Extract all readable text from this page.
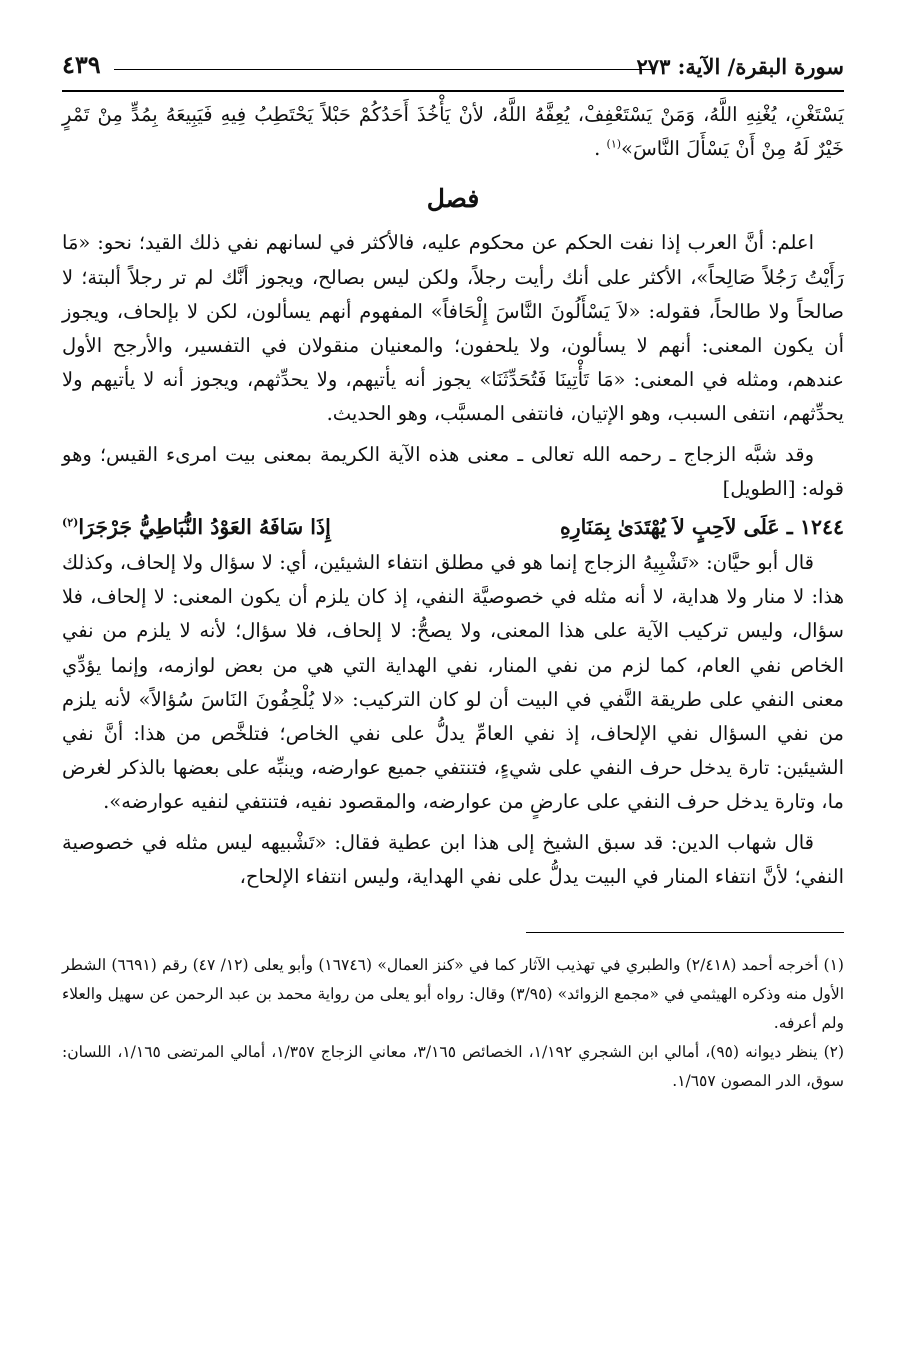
سورة البقرة/ الآية: ٢٧٣
٤٣٩

يَسْتَغْنِ، يُغْنِهِ اللَّهُ، وَمَنْ يَسْتَعْفِفْ، يُعِفَّهُ اللَّهُ، لأنْ يَأْخُذَ أَحَدُكُمْ حَبْلاً يَحْتَطِبُ فِيهِ فَيَبِيعَهُ بِمُدٍّ مِنْ تَمْرٍ خَيْرٌ لَهُ مِنْ أَنْ يَسْأَلَ النَّاسَ»$^{(١)}$ .

فصل

اعلم: أنَّ العرب إذا نفت الحكم عن محكوم عليه، فالأكثر في لسانهم نفي ذلك القيد؛ نحو: «مَا رَأَيْتُ رَجُلاً صَالِحاً»، الأكثر على أنك رأيت رجلاً، ولكن ليس بصالح، ويجوز أنَّك لم تر رجلاً ألبتة؛ لا صالحاً ولا طالحاً، فقوله: «لاَ يَسْأَلُونَ النَّاسَ إِلْحَافاً» المفهوم أنهم يسألون، لكن لا بإلحاف، ويجوز أن يكون المعنى: أنهم لا يسألون، ولا يلحفون؛ والمعنيان منقولان في التفسير، والأرجح الأول عندهم، ومثله في المعنى: «مَا تَأْتِينَا فَتُحَدِّثَنَا» يجوز أنه يأتيهم، ولا يحدِّثهم، ويجوز أنه لا يأتيهم ولا يحدِّثهم، انتفى السبب، وهو الإتيان، فانتفى المسبَّب، وهو الحديث.

وقد شبَّه الزجاج ـ رحمه الله تعالى ـ معنى هذه الآية الكريمة بمعنى بيت امرىء القيس؛ وهو قوله: [الطويل]

١٢٤٤ ـ عَلَى لاَحِبٍ لاَ يُهْتَدَىٰ بِمَنَارِهِ
إِذَا سَافَهُ العَوْدُ النُّبَاطِيُّ جَرْجَرَا$^{(٢)}$

قال أبو حيَّان: «تَشْبِيهُ الزجاج إنما هو في مطلق انتفاء الشيئين، أي: لا سؤال ولا إلحاف، وكذلك هذا: لا منار ولا هداية، لا أنه مثله في خصوصيَّة النفي، إذ كان يلزم أن يكون المعنى: لا إلحاف، فلا سؤال، وليس تركيب الآية على هذا المعنى، ولا يصحُّ: لا إلحاف، فلا سؤال؛ لأنه لا يلزم من نفي الخاص نفي العام، كما لزم من نفي المنار، نفي الهداية التي هي من بعض لوازمه، وإنما يؤدِّي معنى النفي على طريقة النَّفي في البيت أن لو كان التركيب: «لا يُلْحِفُونَ النَاسَ سُؤالاً» لأنه يلزم من نفي السؤال نفي الإلحاف، إذ نفي العامِّ يدلُّ على نفي الخاص؛ فتلخَّص من هذا: أنَّ نفي الشيئين: تارة يدخل حرف النفي على شيءٍ، فتنتفي جميع عوارضه، وينبِّه على بعضها بالذكر لغرض ما، وتارة يدخل حرف النفي على عارضٍ من عوارضه، والمقصود نفيه، فتنتفي لنفيه عوارضه».

قال شهاب الدين: قد سبق الشيخ إلى هذا ابن عطية فقال: «تَشْبيهه ليس مثله في خصوصية النفي؛ لأنَّ انتفاء المنار في البيت يدلُّ على نفي الهداية، وليس انتفاء الإلحاح،

(١) أخرجه أحمد (٢/٤١٨) والطبري في تهذيب الآثار كما في «كنز العمال» (١٦٧٤٦) وأبو يعلى (١٢/ ٤٧) رقم (٦٦٩١) الشطر الأول منه وذكره الهيثمي في «مجمع الزوائد» (٣/٩٥) وقال: رواه أبو يعلى من رواية محمد بن عبد الرحمن عن سهيل والعلاء ولم أعرفه.

(٢) ينظر ديوانه (٩٥)، أمالي ابن الشجري ١/١٩٢، الخصائص ٣/١٦٥، معاني الزجاج ١/٣٥٧، أمالي المرتضى ١/١٦٥، اللسان: سوق، الدر المصون ١/٦٥٧.
